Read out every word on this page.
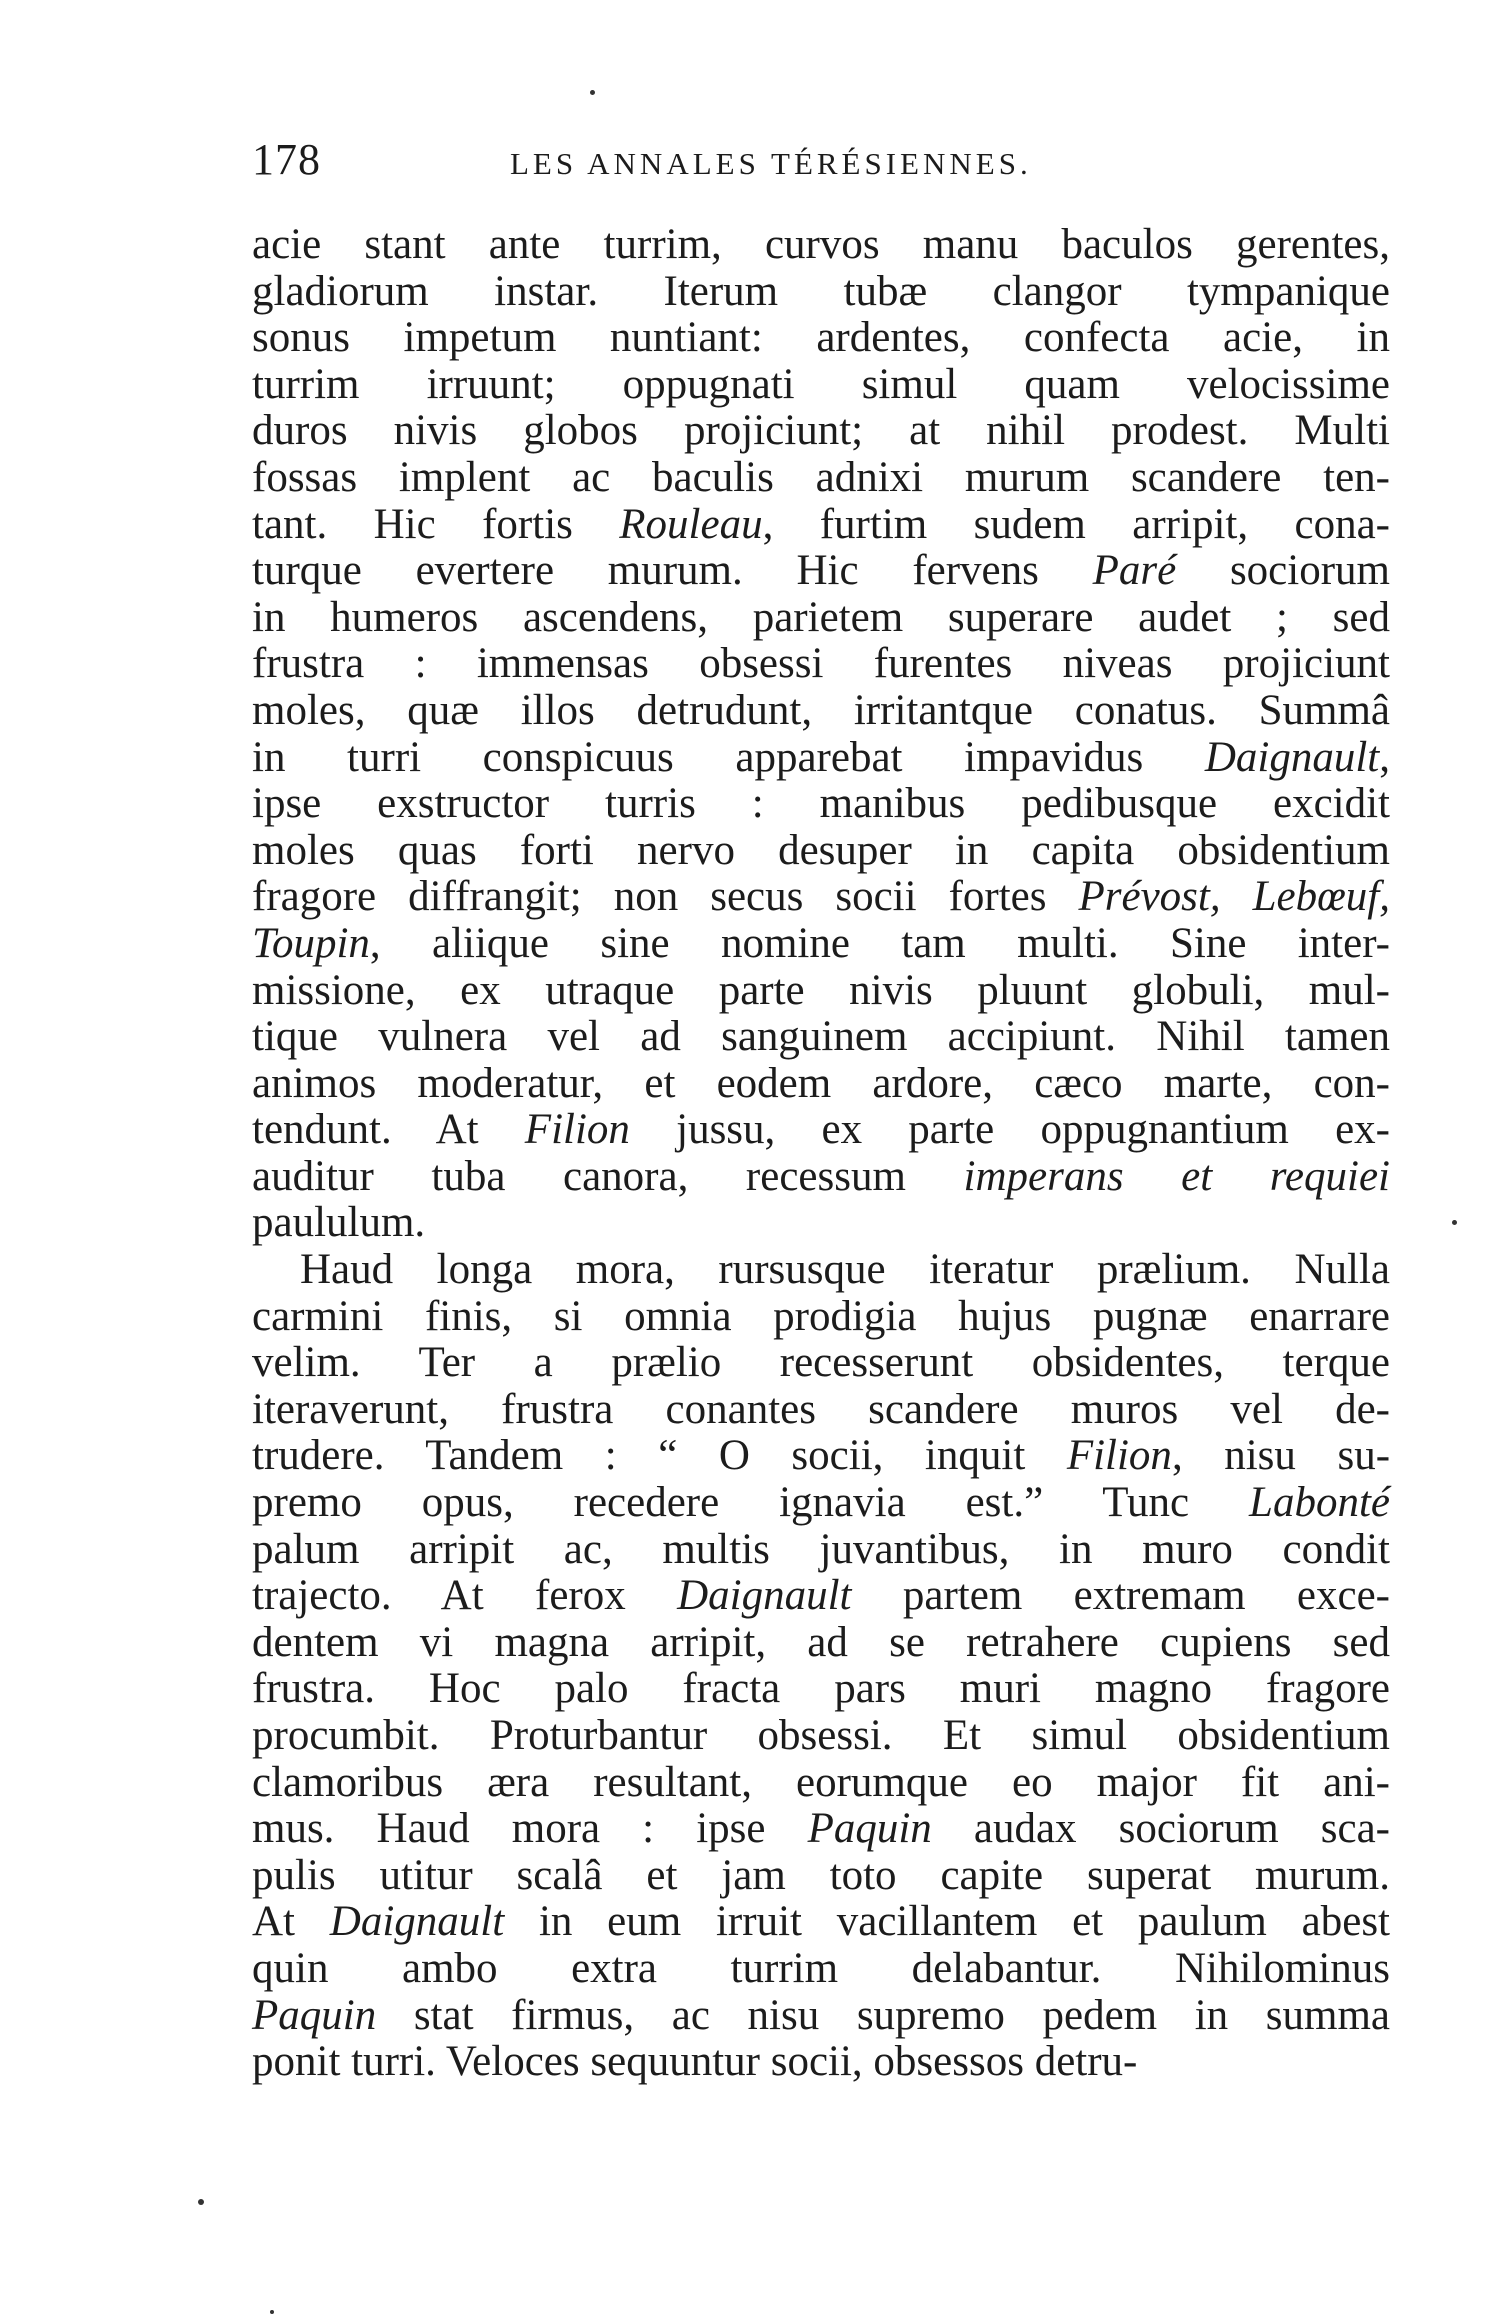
178	LES ANNALES TÉRÉSIENNES.
acie stant ante turrim, curvos manu baculos gerentes,
gladiorum instar. Iterum tubæ clangor tympanique
sonus impetum nuntiant: ardentes, confecta acie, in
turrim irruunt; oppugnati simul quam velocissime
duros nivis globos projiciunt; at nihil prodest. Multi
fossas implent ac baculis adnixi murum scandere ten-
tant. Hic fortis Rouleau, furtim sudem arripit, cona-
turque evertere murum. Hic fervens Paré sociorum
in humeros ascendens, parietem superare audet ; sed
frustra : immensas obsessi furentes niveas projiciunt
moles, quæ illos detrudunt, irritantque conatus. Summâ
in turri conspicuus apparebat impavidus Daignault,
ipse exstructor turris : manibus pedibusque excidit
moles quas forti nervo desuper in capita obsidentium
fragore diffrangit; non secus socii fortes Prévost, Lebœuf,
Toupin, aliique sine nomine tam multi. Sine inter-
missione, ex utraque parte nivis pluunt globuli, mul-
tique vulnera vel ad sanguinem accipiunt. Nihil tamen
animos moderatur, et eodem ardore, cæco marte, con-
tendunt. At Filion jussu, ex parte oppugnantium ex-
auditur tuba canora, recessum imperans et requiei
paululum.
Haud longa mora, rursusque iteratur prælium. Nulla
carmini finis, si omnia prodigia hujus pugnæ enarrare
velim. Ter a prælio recesserunt obsidentes, terque
iteraverunt, frustra conantes scandere muros vel de-
trudere. Tandem : “ O socii, inquit Filion, nisu su-
premo opus, recedere ignavia est.” Tunc Labonté
palum arripit ac, multis juvantibus, in muro condit
trajecto. At ferox Daignault partem extremam exce-
dentem vi magna arripit, ad se retrahere cupiens sed
frustra. Hoc palo fracta pars muri magno fragore
procumbit. Proturbantur obsessi. Et simul obsidentium
clamoribus æra resultant, eorumque eo major fit ani-
mus. Haud mora : ipse Paquin audax sociorum sca-
pulis utitur scalâ et jam toto capite superat murum.
At Daignault in eum irruit vacillantem et paulum abest
quin ambo extra turrim delabantur. Nihilominus
Paquin stat firmus, ac nisu supremo pedem in summa
ponit turri. Veloces sequuntur socii, obsessos detru-
